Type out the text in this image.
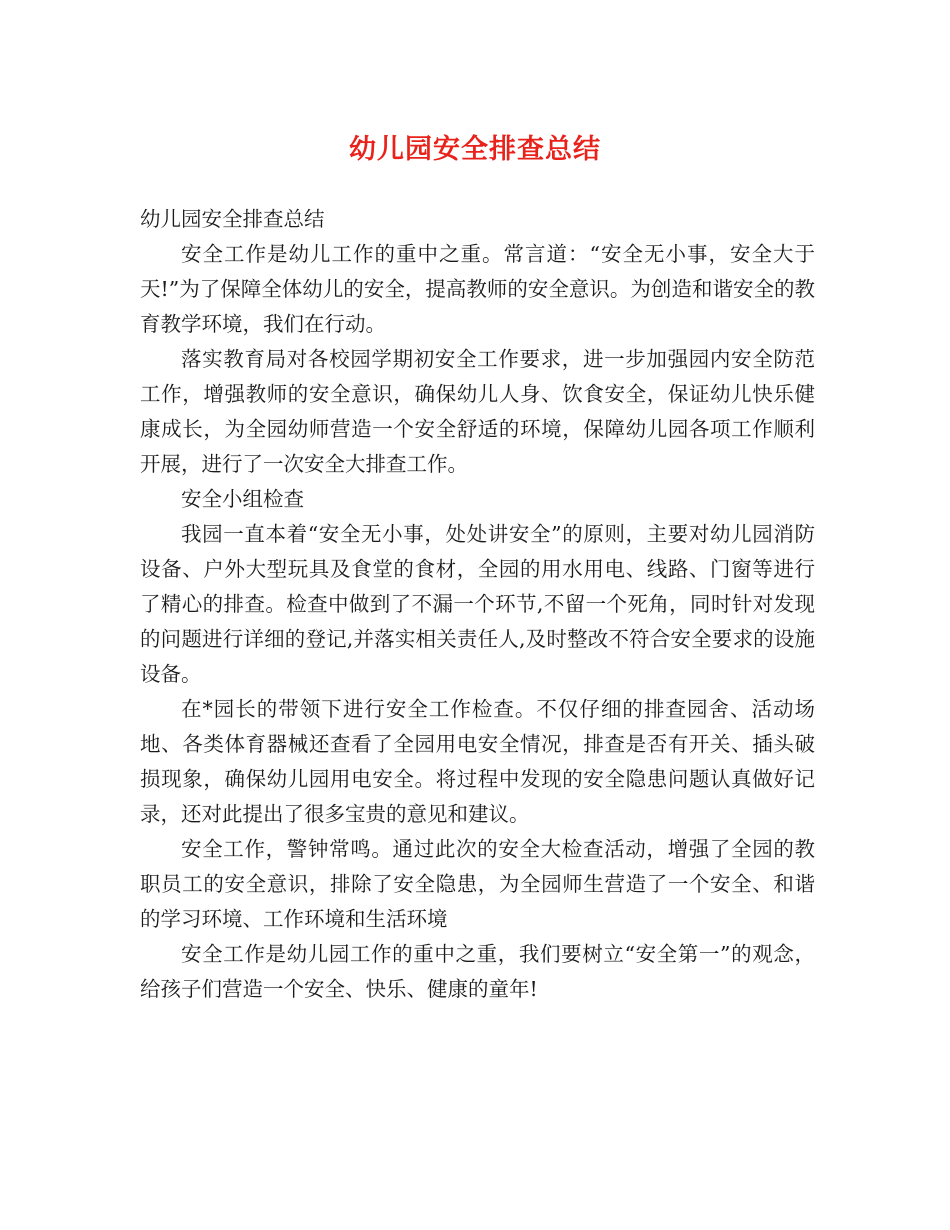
幼儿园安全排查总结

幼儿园安全排查总结

安全工作是幼儿工作的重中之重。常言道：“安全无小事，安全大于天!”为了保障全体幼儿的安全，提高教师的安全意识。为创造和谐安全的教育教学环境，我们在行动。

落实教育局对各校园学期初安全工作要求，进一步加强园内安全防范工作，增强教师的安全意识，确保幼儿人身、饮食安全，保证幼儿快乐健康成长，为全园幼师营造一个安全舒适的环境，保障幼儿园各项工作顺利开展，进行了一次安全大排查工作。

安全小组检查

我园一直本着“安全无小事，处处讲安全”的原则，主要对幼儿园消防设备、户外大型玩具及食堂的食材，全园的用水用电、线路、门窗等进行了精心的排查。检查中做到了不漏一个环节,不留一个死角，同时针对发现的问题进行详细的登记,并落实相关责任人,及时整改不符合安全要求的设施设备。

在*园长的带领下进行安全工作检查。不仅仔细的排查园舍、活动场地、各类体育器械还查看了全园用电安全情况，排查是否有开关、插头破损现象，确保幼儿园用电安全。将过程中发现的安全隐患问题认真做好记录，还对此提出了很多宝贵的意见和建议。

安全工作，警钟常鸣。通过此次的安全大检查活动，增强了全园的教职员工的安全意识，排除了安全隐患，为全园师生营造了一个安全、和谐的学习环境、工作环境和生活环境

安全工作是幼儿园工作的重中之重，我们要树立“安全第一”的观念，给孩子们营造一个安全、快乐、健康的童年!
